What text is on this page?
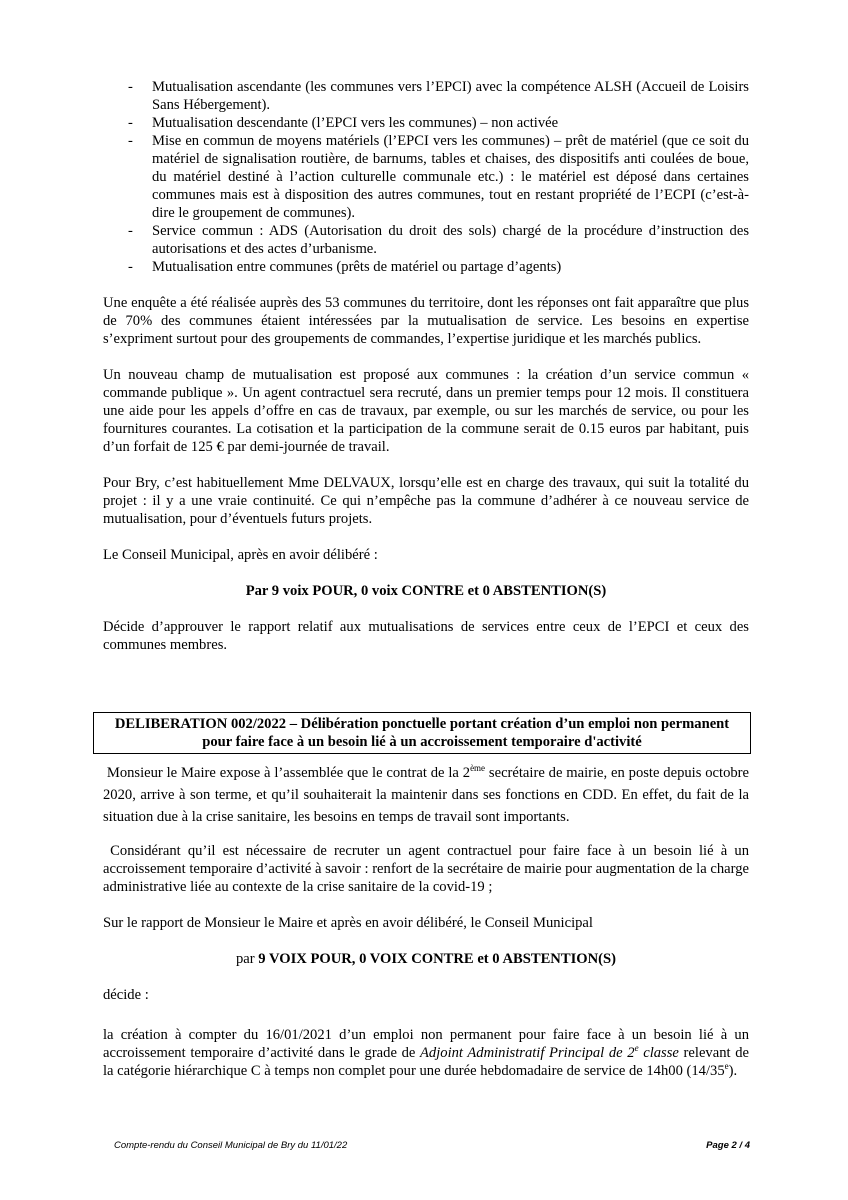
- Mutualisation ascendante (les communes vers l’EPCI) avec la compétence ALSH (Accueil de Loisirs Sans Hébergement).
- Mutualisation descendante (l’EPCI vers les communes) – non activée
- Mise en commun de moyens matériels (l’EPCI vers les communes) – prêt de matériel (que ce soit du matériel de signalisation routière, de barnums, tables et chaises, des dispositifs anti coulées de boue, du matériel destiné à l’action culturelle communale etc.) : le matériel est déposé dans certaines communes mais est à disposition des autres communes, tout en restant propriété de l’ECPI (c’est-à-dire le groupement de communes).
- Service commun : ADS (Autorisation du droit des sols) chargé de la procédure d’instruction des autorisations et des actes d’urbanisme.
- Mutualisation entre communes (prêts de matériel ou partage d’agents)

Une enquête a été réalisée auprès des 53 communes du territoire, dont les réponses ont fait apparaître que plus de 70% des communes étaient intéressées par la mutualisation de service. Les besoins en expertise s’expriment surtout pour des groupements de commandes, l’expertise juridique et les marchés publics.

Un nouveau champ de mutualisation est proposé aux communes : la création d’un service commun « commande publique ». Un agent contractuel sera recruté, dans un premier temps pour 12 mois. Il constituera une aide pour les appels d’offre en cas de travaux, par exemple, ou sur les marchés de service, ou pour les fournitures courantes. La cotisation et la participation de la commune serait de 0.15 euros par habitant, puis d’un forfait de 125 € par demi-journée de travail.

Pour Bry, c’est habituellement Mme DELVAUX, lorsqu’elle est en charge des travaux, qui suit la totalité du projet : il y a une vraie continuité. Ce qui n’empêche pas la commune d’adhérer à ce nouveau service de mutualisation, pour d’éventuels futurs projets.

Le Conseil Municipal, après en avoir délibéré :

Par 9 voix POUR, 0 voix CONTRE et 0 ABSTENTION(S)

Décide d’approuver le rapport relatif aux mutualisations de services entre ceux de l’EPCI et ceux des communes membres.

DELIBERATION 002/2022 – Délibération ponctuelle portant création d’un emploi non permanent pour faire face à un besoin lié à un accroissement temporaire d'activité

Monsieur le Maire expose à l’assemblée que le contrat de la 2ème secrétaire de mairie, en poste depuis octobre 2020, arrive à son terme, et qu’il souhaiterait la maintenir dans ses fonctions en CDD. En effet, du fait de la situation due à la crise sanitaire, les besoins en temps de travail sont importants.

Considérant qu’il est nécessaire de recruter un agent contractuel pour faire face à un besoin lié à un accroissement temporaire d’activité à savoir : renfort de la secrétaire de mairie pour augmentation de la charge administrative liée au contexte de la crise sanitaire de la covid-19 ;

Sur le rapport de Monsieur le Maire et après en avoir délibéré, le Conseil Municipal

par 9 VOIX POUR, 0 VOIX CONTRE et 0 ABSTENTION(S)

décide :

la création à compter du 16/01/2021 d’un emploi non permanent pour faire face à un besoin lié à un accroissement temporaire d’activité dans le grade de Adjoint Administratif Principal de 2e classe relevant de la catégorie hiérarchique C à temps non complet pour une durée hebdomadaire de service de 14h00 (14/35e).

Compte-rendu du Conseil Municipal de Bry du 11/01/22	Page 2 / 4
